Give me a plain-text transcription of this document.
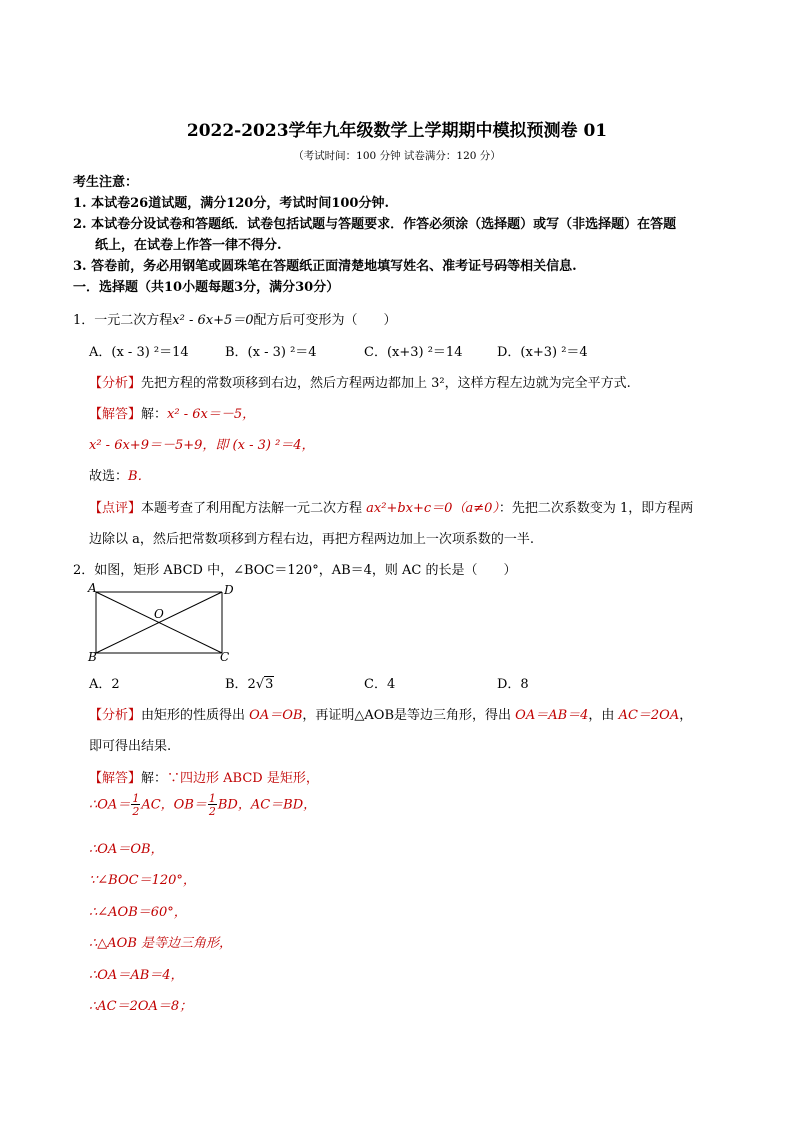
2022-2023学年九年级数学上学期期中模拟预测卷 01
（考试时间：100 分钟 试卷满分：120 分）
考生注意：
1. 本试卷26道试题，满分120分，考试时间100分钟.
2. 本试卷分设试卷和答题纸．试卷包括试题与答题要求．作答必须涂（选择题）或写（非选择题）在答题
纸上，在试卷上作答一律不得分.
3. 答卷前，务必用钢笔或圆珠笔在答题纸正面清楚地填写姓名、准考证号码等相关信息.
一．选择题（共10小题每题3分，满分30分）
1．一元二次方程x² - 6x+5＝0配方后可变形为（　　）
A．(x - 3) ²＝14	B．(x - 3) ²＝4	C．(x+3) ²＝14	D．(x+3) ²＝4
【分析】先把方程的常数项移到右边，然后方程两边都加上 3²，这样方程左边就为完全平方式.
【解答】解：x² - 6x＝－5，
x² - 6x+9＝－5+9，即 (x - 3) ²＝4，
故选：B．
【点评】本题考查了利用配方法解一元二次方程 ax²+bx+c＝0（a≠0）：先把二次系数变为 1，即方程两
边除以 a，然后把常数项移到方程右边，再把方程两边加上一次项系数的一半.
2．如图，矩形 ABCD 中，∠BOC＝120°，AB＝4，则 AC 的长是（　　）
A	D
B	C
O
A．2	B．2√3	C．4	D．8
【分析】由矩形的性质得出 OA＝OB，再证明△AOB是等边三角形，得出 OA＝AB＝4，由 AC＝2OA，
即可得出结果.
【解答】解：∵四边形 ABCD 是矩形，
∴OA＝ $\frac{1}{2}$ AC，$OB= \frac{1}{2}$ BD，AC＝BD，
∴OA＝OB，
∵∠BOC＝120°，
∴∠AOB＝60°，
∴△AOB 是等边三角形，
∴OA＝AB＝4，
∴AC＝2OA＝8；
